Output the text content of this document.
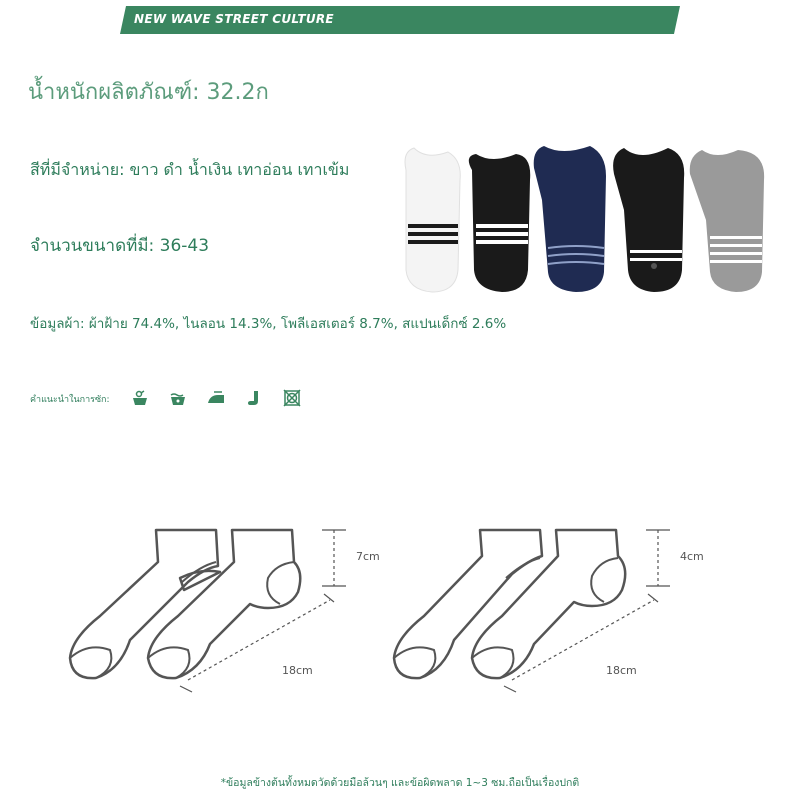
NEW WAVE STREET CULTURE
น้ำหนักผลิตภัณฑ์: 32.2ก
สีที่มีจำหน่าย: ขาว ดำ น้ำเงิน เทาอ่อน เทาเข้ม
จำนวนขนาดที่มี: 36-43
ข้อมูลผ้า: ผ้าฝ้าย 74.4%, ไนลอน 14.3%, โพลีเอสเตอร์ 8.7%, สแปนเด็กซ์ 2.6%
คำแนะนำในการซัก:
7cm
18cm
4cm
18cm
*ข้อมูลข้างต้นทั้งหมดวัดด้วยมือล้วนๆ และข้อผิดพลาด 1~3 ซม.ถือเป็นเรื่องปกติ
